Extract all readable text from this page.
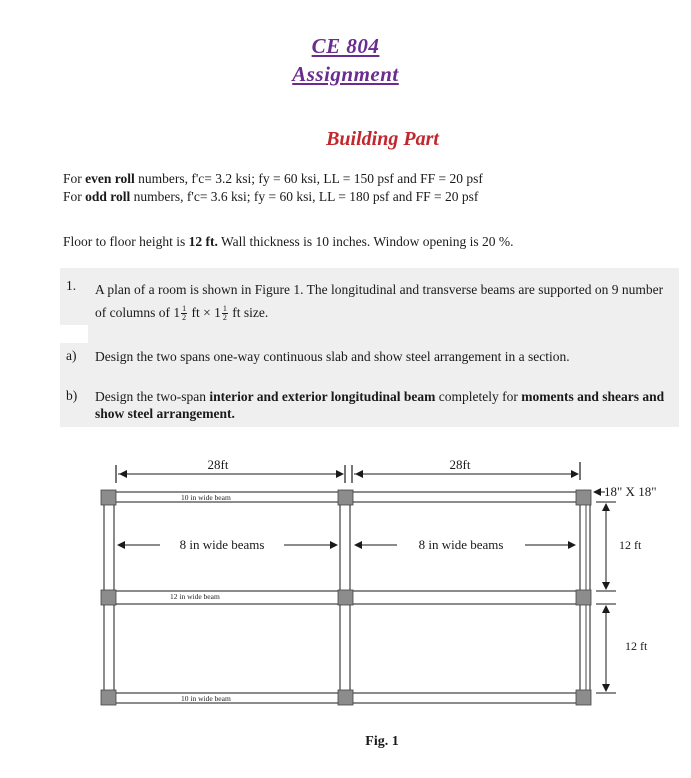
CE 804
Assignment
Building Part
For even roll numbers, f'c= 3.2 ksi; fy = 60 ksi, LL = 150 psf and FF = 20 psf
For odd roll numbers, f'c= 3.6 ksi; fy = 60 ksi, LL = 180 psf and FF = 20 psf
Floor to floor height is 12 ft. Wall thickness is 10 inches. Window opening is 20 %.
1. A plan of a room is shown in Figure 1. The longitudinal and transverse beams are supported on 9 number of columns of $1 \frac{1}{2}$ ft × $1 \frac{1}{2}$ ft size.
a) Design the two spans one-way continuous slab and show steel arrangement in a section.
b) Design the two-span interior and exterior longitudinal beam completely for moments and shears and show steel arrangement.
28ft	28ft
10 in wide beam
12 in wide beam
10 in wide beam
8 in wide beams	8 in wide beams
18" X 18"
12 ft
12 ft
Fig. 1
